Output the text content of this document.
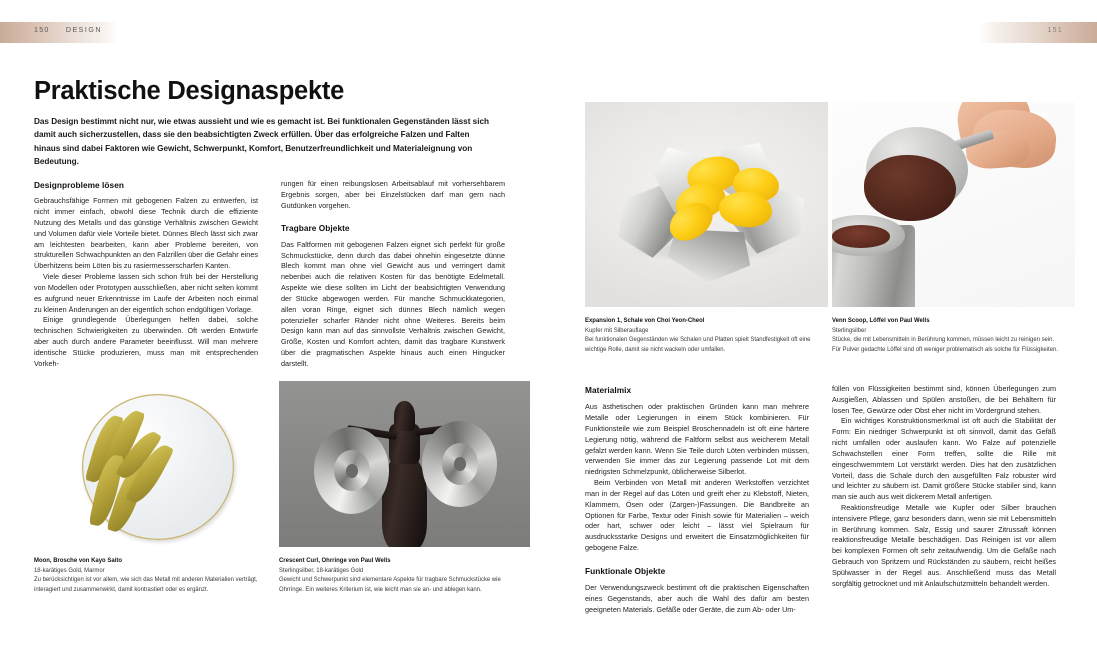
150 DESIGN	151
Praktische Designaspekte

Das Design bestimmt nicht nur, wie etwas aussieht und wie es gemacht ist. Bei funktionalen Gegenständen lässt sich damit auch sicherzustellen, dass sie den beabsichtigten Zweck erfüllen. Über das erfolgreiche Falzen und Falten hinaus sind dabei Faktoren wie Gewicht, Schwerpunkt, Komfort, Benutzerfreundlichkeit und Materialeignung von Bedeutung.

Designprobleme lösen

Gebrauchsfähige Formen mit gebogenen Falzen zu entwerfen, ist nicht immer einfach, obwohl diese Technik durch die effiziente Nutzung des Metalls und das günstige Verhältnis zwischen Gewicht und Volumen dafür viele Vorteile bietet. Dünnes Blech lässt sich zwar am leichtesten bearbeiten, kann aber Probleme bereiten, von strukturellen Schwachpunkten an den Falzrillen über die Gefahr eines Überhitzens beim Löten bis zu rasiermesserscharfen Kanten.

Viele dieser Probleme lassen sich schon früh bei der Herstellung von Modellen oder Prototypen ausschließen, aber nicht selten kommt es aufgrund neuer Erkenntnisse im Laufe der Arbeiten noch einmal zu kleinen Änderungen an der eigentlich schon endgültigen Vorlage.

Einige grundlegende Überlegungen helfen dabei, solche technischen Schwierigkeiten zu überwinden. Oft werden Entwürfe aber auch durch andere Parameter beeinflusst. Will man mehrere identische Stücke produzieren, muss man mit entsprechenden Vorkeh-

rungen für einen reibungslosen Arbeitsablauf mit vorhersehbarem Ergebnis sorgen, aber bei Einzelstücken darf man gern nach Gutdünken vorgehen.

Tragbare Objekte

Das Faltformen mit gebogenen Falzen eignet sich perfekt für große Schmuckstücke, denn durch das dabei ohnehin eingesetzte dünne Blech kommt man ohne viel Gewicht aus und verringert damit nebenbei auch die relativen Kosten für das benötigte Edelmetall. Aspekte wie diese sollten im Licht der beabsichtigten Verwendung der Stücke abgewogen werden. Für manche Schmuckkategorien, allen voran Ringe, eignet sich dünnes Blech nämlich wegen potenzieller scharfer Ränder nicht ohne Weiteres. Bereits beim Design kann man auf das sinnvollste Verhältnis zwischen Gewicht, Größe, Kosten und Komfort achten, damit das tragbare Kunstwerk über die pragmatischen Aspekte hinaus auch einen Hingucker darstellt.

Expansion 1, Schale von Choi Yeon-Cheol
Kupfer mit Silberauflage
Bei funktionalen Gegenständen wie Schalen und Platten spielt Standfestigkeit oft eine wichtige Rolle, damit sie nicht wackeln oder umfallen.
Venn Scoop, Löffel von Paul Wells
Sterlingsilber
Stücke, die mit Lebensmitteln in Berührung kommen, müssen leicht zu reinigen sein. Für Pulver gedachte Löffel sind oft weniger problematisch als solche für Flüssigkeiten.
Materialmix

Aus ästhetischen oder praktischen Gründen kann man mehrere Metalle oder Legierungen in einem Stück kombinieren. Für Funktionsteile wie zum Beispiel Broschennadeln ist oft eine härtere Legierung nötig, während die Faltform selbst aus weicherem Metall gefalzt werden kann. Wenn Sie Teile durch Löten verbinden müssen, verwenden Sie immer das zur Legierung passende Lot mit dem niedrigsten Schmelzpunkt, üblicherweise Silberlot.

Beim Verbinden von Metall mit anderen Werkstoffen verzichtet man in der Regel auf das Löten und greift eher zu Klebstoff, Nieten, Klammern, Ösen oder (Zargen-)Fassungen. Die Bandbreite an Optionen für Farbe, Textur oder Finish sowie für Materialien – weich oder hart, schwer oder leicht – lässt viel Spielraum für ausdrucksstarke Designs und erweitert die Einsatzmöglichkeiten für gebogene Falze.

Funktionale Objekte

Der Verwendungszweck bestimmt oft die praktischen Eigenschaften eines Gegenstands, aber auch die Wahl des dafür am besten geeigneten Materials. Gefäße oder Geräte, die zum Ab- oder Um-

füllen von Flüssigkeiten bestimmt sind, können Überlegungen zum Ausgießen, Ablassen und Spülen anstoßen, die bei Behältern für losen Tee, Gewürze oder Obst eher nicht im Vordergrund stehen.

Ein wichtiges Konstruktionsmerkmal ist oft auch die Stabilität der Form: Ein niedriger Schwerpunkt ist oft sinnvoll, damit das Gefäß nicht umfallen oder auslaufen kann. Wo Falze auf potenzielle Schwachstellen einer Form treffen, sollte die Rille mit eingeschwemmtem Lot verstärkt werden. Dies hat den zusätzlichen Vorteil, dass die Schale durch den ausgefüllten Falz robuster wird und leichter zu säubern ist. Damit größere Stücke stabiler sind, kann man sie auch aus weit dickerem Metall anfertigen.

Reaktionsfreudige Metalle wie Kupfer oder Silber brauchen intensivere Pflege, ganz besonders dann, wenn sie mit Lebensmitteln in Berührung kommen. Salz, Essig und saurer Zitrussaft können reaktionsfreudige Metalle beschädigen. Das Reinigen ist vor allem bei komplexen Formen oft sehr zeitaufwendig. Um die Gefäße nach Gebrauch von Spritzern und Rückständen zu säubern, reicht heißes Spülwasser in der Regel aus. Anschließend muss das Metall sorgfältig getrocknet und mit Anlaufschutzmitteln behandelt werden.

Moon, Brosche von Kayo Saito
18-karätiges Gold, Marmor
Zu berücksichtigen ist vor allem, wie sich das Metall mit anderen Materialien verträgt, interagiert und zusammenwirkt, damit kontrastiert oder es ergänzt.
Crescent Curl, Ohrringe von Paul Wells
Sterlingsilber, 18-karätiges Gold
Gewicht und Schwerpunkt sind elementare Aspekte für tragbare Schmuckstücke wie Ohrringe. Ein weiteres Kriterium ist, wie leicht man sie an- und ablegen kann.
